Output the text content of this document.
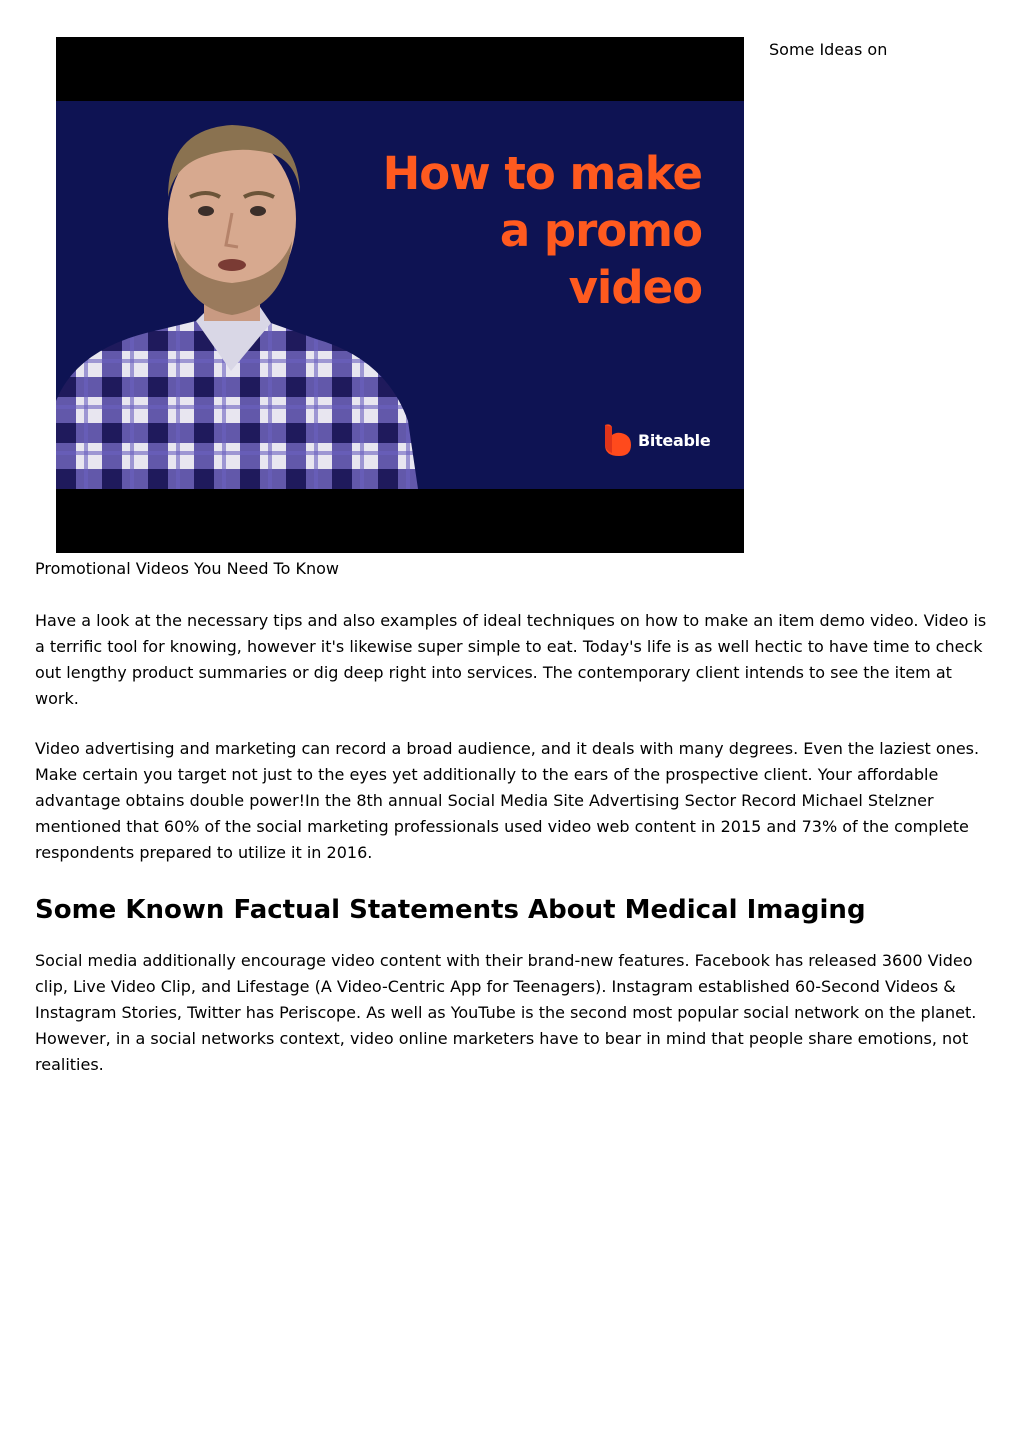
How to make
a promo
video
Biteable
Some Ideas on

Promotional Videos You Need To Know

Have a look at the necessary tips and also examples of ideal techniques on how to make an item demo video. Video is a terrific tool for knowing, however it's likewise super simple to eat. Today's life is as well hectic to have time to check out lengthy product summaries or dig deep right into services. The contemporary client intends to see the item at work.

Video advertising and marketing can record a broad audience, and it deals with many degrees. Even the laziest ones. Make certain you target not just to the eyes yet additionally to the ears of the prospective client. Your affordable advantage obtains double power!In the 8th annual Social Media Site Advertising Sector Record Michael Stelzner mentioned that 60% of the social marketing professionals used video web content in 2015 and 73% of the complete respondents prepared to utilize it in 2016.

Some Known Factual Statements About Medical Imaging

Social media additionally encourage video content with their brand-new features. Facebook has released 3600 Video clip, Live Video Clip, and Lifestage (A Video-Centric App for Teenagers). Instagram established 60-Second Videos & Instagram Stories, Twitter has Periscope. As well as YouTube is the second most popular social network on the planet. However, in a social networks context, video online marketers have to bear in mind that people share emotions, not realities.
